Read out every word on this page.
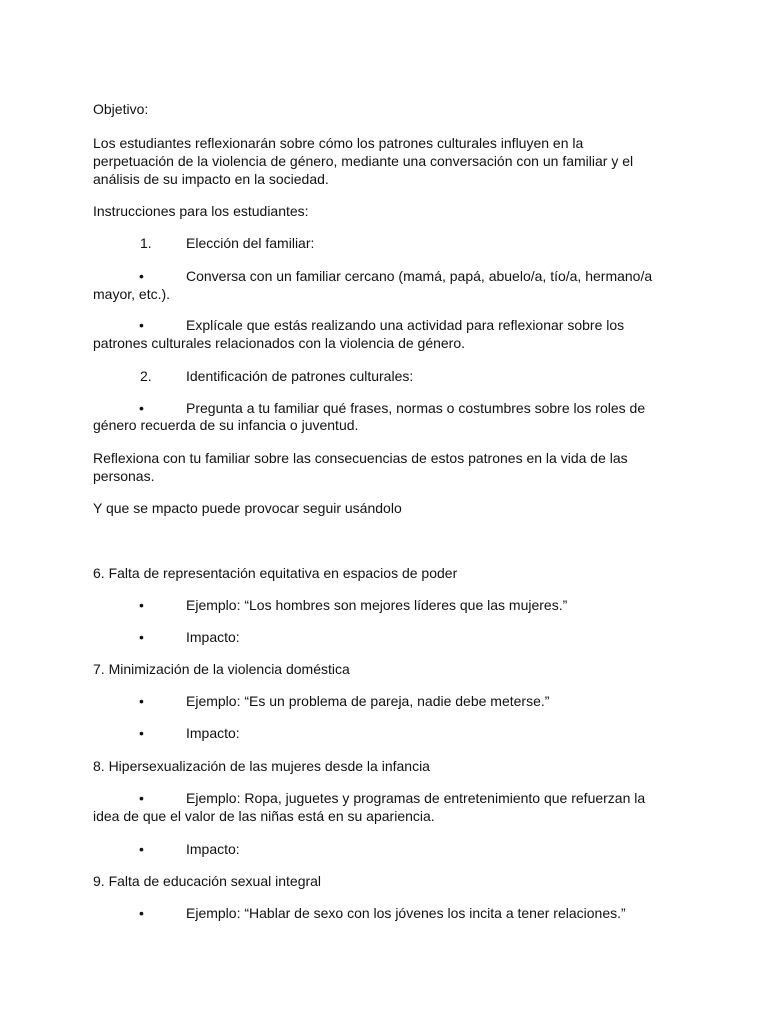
Objetivo:
Los estudiantes reflexionarán sobre cómo los patrones culturales influyen en la
perpetuación de la violencia de género, mediante una conversación con un familiar y el
análisis de su impacto en la sociedad.
Instrucciones para los estudiantes:
1. Elección del familiar:
•	Conversa con un familiar cercano (mamá, papá, abuelo/a, tío/a, hermano/a
mayor, etc.).
•	Explícale que estás realizando una actividad para reflexionar sobre los
patrones culturales relacionados con la violencia de género.
2. Identificación de patrones culturales:
•	Pregunta a tu familiar qué frases, normas o costumbres sobre los roles de
género recuerda de su infancia o juventud.
Reflexiona con tu familiar sobre las consecuencias de estos patrones en la vida de las
personas.
Y que se mpacto puede provocar seguir usándolo
6. Falta de representación equitativa en espacios de poder
•	Ejemplo: “Los hombres son mejores líderes que las mujeres.”
•	Impacto:
7. Minimización de la violencia doméstica
•	Ejemplo: “Es un problema de pareja, nadie debe meterse.”
•	Impacto:
8. Hipersexualización de las mujeres desde la infancia
•	Ejemplo: Ropa, juguetes y programas de entretenimiento que refuerzan la
idea de que el valor de las niñas está en su apariencia.
•	Impacto:
9. Falta de educación sexual integral
•	Ejemplo: “Hablar de sexo con los jóvenes los incita a tener relaciones.”
